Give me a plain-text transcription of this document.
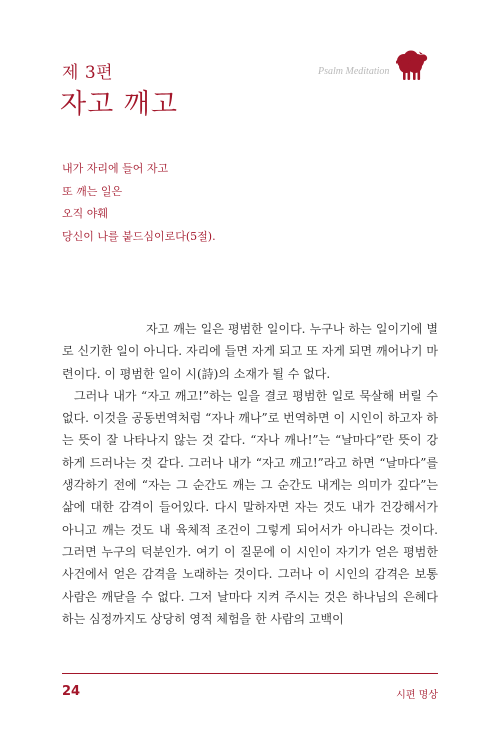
제 3편
자고 깨고
Psalm Meditation
내가 자리에 들어 자고
또 깨는 일은
오직 야훼
당신이 나를 붙드심이로다(5절).

자고 깨는 일은 평범한 일이다. 누구나 하는 일이기에 별로 신기한 일이 아니다. 자리에 들면 자게 되고 또 자게 되면 깨어나기 마련이다. 이 평범한 일이 시(詩)의 소재가 될 수 없다.

그러나 내가 “자고 깨고!”하는 일을 결코 평범한 일로 묵살해 버릴 수 없다. 이것을 공동번역처럼 “자나 깨나”로 번역하면 이 시인이 하고자 하는 뜻이 잘 나타나지 않는 것 같다. “자나 깨나!”는 “날마다”란 뜻이 강하게 드러나는 것 같다. 그러나 내가 “자고 깨고!”라고 하면 “날마다”를 생각하기 전에 “자는 그 순간도 깨는 그 순간도 내게는 의미가 깊다”는 삶에 대한 감격이 들어있다. 다시 말하자면 자는 것도 내가 건강해서가 아니고 깨는 것도 내 육체적 조건이 그렇게 되어서가 아니라는 것이다. 그러면 누구의 덕분인가. 여기 이 질문에 이 시인이 자기가 얻은 평범한 사건에서 얻은 감격을 노래하는 것이다. 그러나 이 시인의 감격은 보통 사람은 깨닫을 수 없다. 그저 날마다 지켜 주시는 것은 하나님의 은혜다 하는 심정까지도 상당히 영적 체험을 한 사람의 고백이

24	시편 명상
